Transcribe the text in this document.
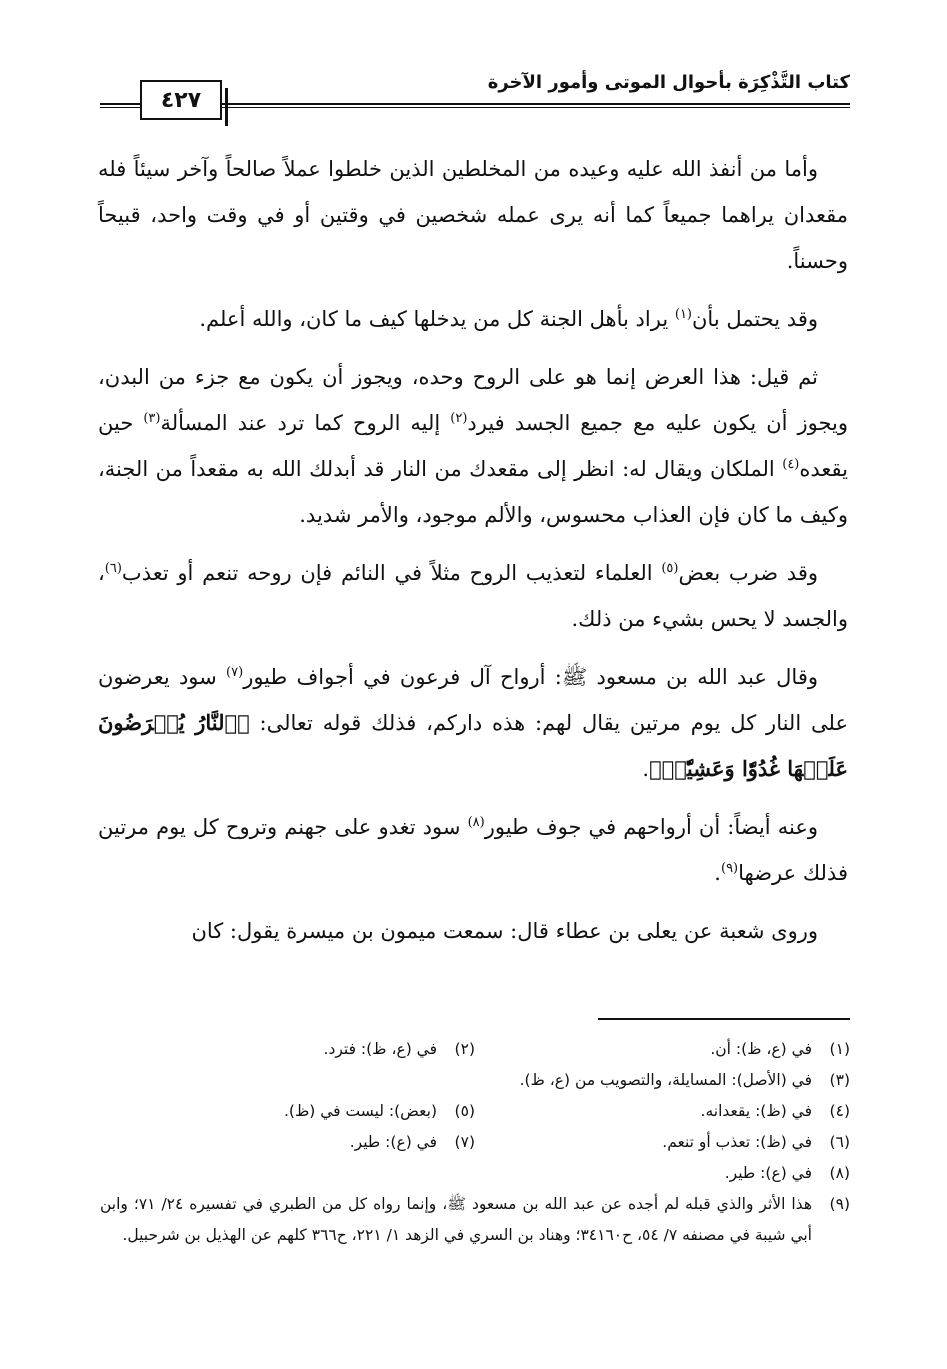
كتاب التَّذْكِرَة بأحوال الموتى وأمور الآخرة
٤٢٧

وأما من أنفذ الله عليه وعيده من المخلطين الذين خلطوا عملاً صالحاً وآخر سيئاً فله مقعدان يراهما جميعاً كما أنه يرى عمله شخصين في وقتين أو في وقت واحد، قبيحاً وحسناً.

وقد يحتمل بأن$^{(١)}$ يراد بأهل الجنة كل من يدخلها كيف ما كان، والله أعلم.

ثم قيل: هذا العرض إنما هو على الروح وحده، ويجوز أن يكون مع جزء من البدن، ويجوز أن يكون عليه مع جميع الجسد فيرد$^{(٢)}$ إليه الروح كما ترد عند المسألة$^{(٣)}$ حين يقعده$^{(٤)}$ الملكان ويقال له: انظر إلى مقعدك من النار قد أبدلك الله به مقعداً من الجنة، وكيف ما كان فإن العذاب محسوس، والألم موجود، والأمر شديد.

وقد ضرب بعض$^{(٥)}$ العلماء لتعذيب الروح مثلاً في النائم فإن روحه تنعم أو تعذب$^{(٦)}$، والجسد لا يحس بشيء من ذلك.

وقال عبد الله بن مسعود ﷺ: أرواح آل فرعون في أجواف طيور$^{(٧)}$ سود يعرضون على النار كل يوم مرتين يقال لهم: هذه داركم، فذلك قوله تعالى: ﴿ٱلنَّارُ يُعۡرَضُونَ عَلَيۡهَا غُدُوّٗا وَعَشِيّٗاۚ﴾.

وعنه أيضاً: أن أرواحهم في جوف طيور$^{(٨)}$ سود تغدو على جهنم وتروح كل يوم مرتين فذلك عرضها$^{(٩)}$.

وروى شعبة عن يعلى بن عطاء قال: سمعت ميمون بن ميسرة يقول: كان

(١)في (ع، ظ): أن.
(٢)في (ع، ظ): فترد.
(٣)في (الأصل): المسايلة، والتصويب من (ع، ظ).
(٤)في (ظ): يقعدانه.
(٥)(بعض): ليست في (ظ).
(٦)في (ظ): تعذب أو تنعم.
(٧)في (ع): طير.
(٨)في (ع): طير.
(٩)
هذا الأثر والذي قبله لم أجده عن عبد الله بن مسعود ﷺ، وإنما رواه كل من الطبري في تفسيره ٢٤/ ٧١؛ وابن أبي شيبة في مصنفه ٧/ ٥٤، ح٣٤١٦٠؛ وهناد بن السري في الزهد ١/ ٢٢١، ح٣٦٦ كلهم عن الهذيل بن شرحبيل.
